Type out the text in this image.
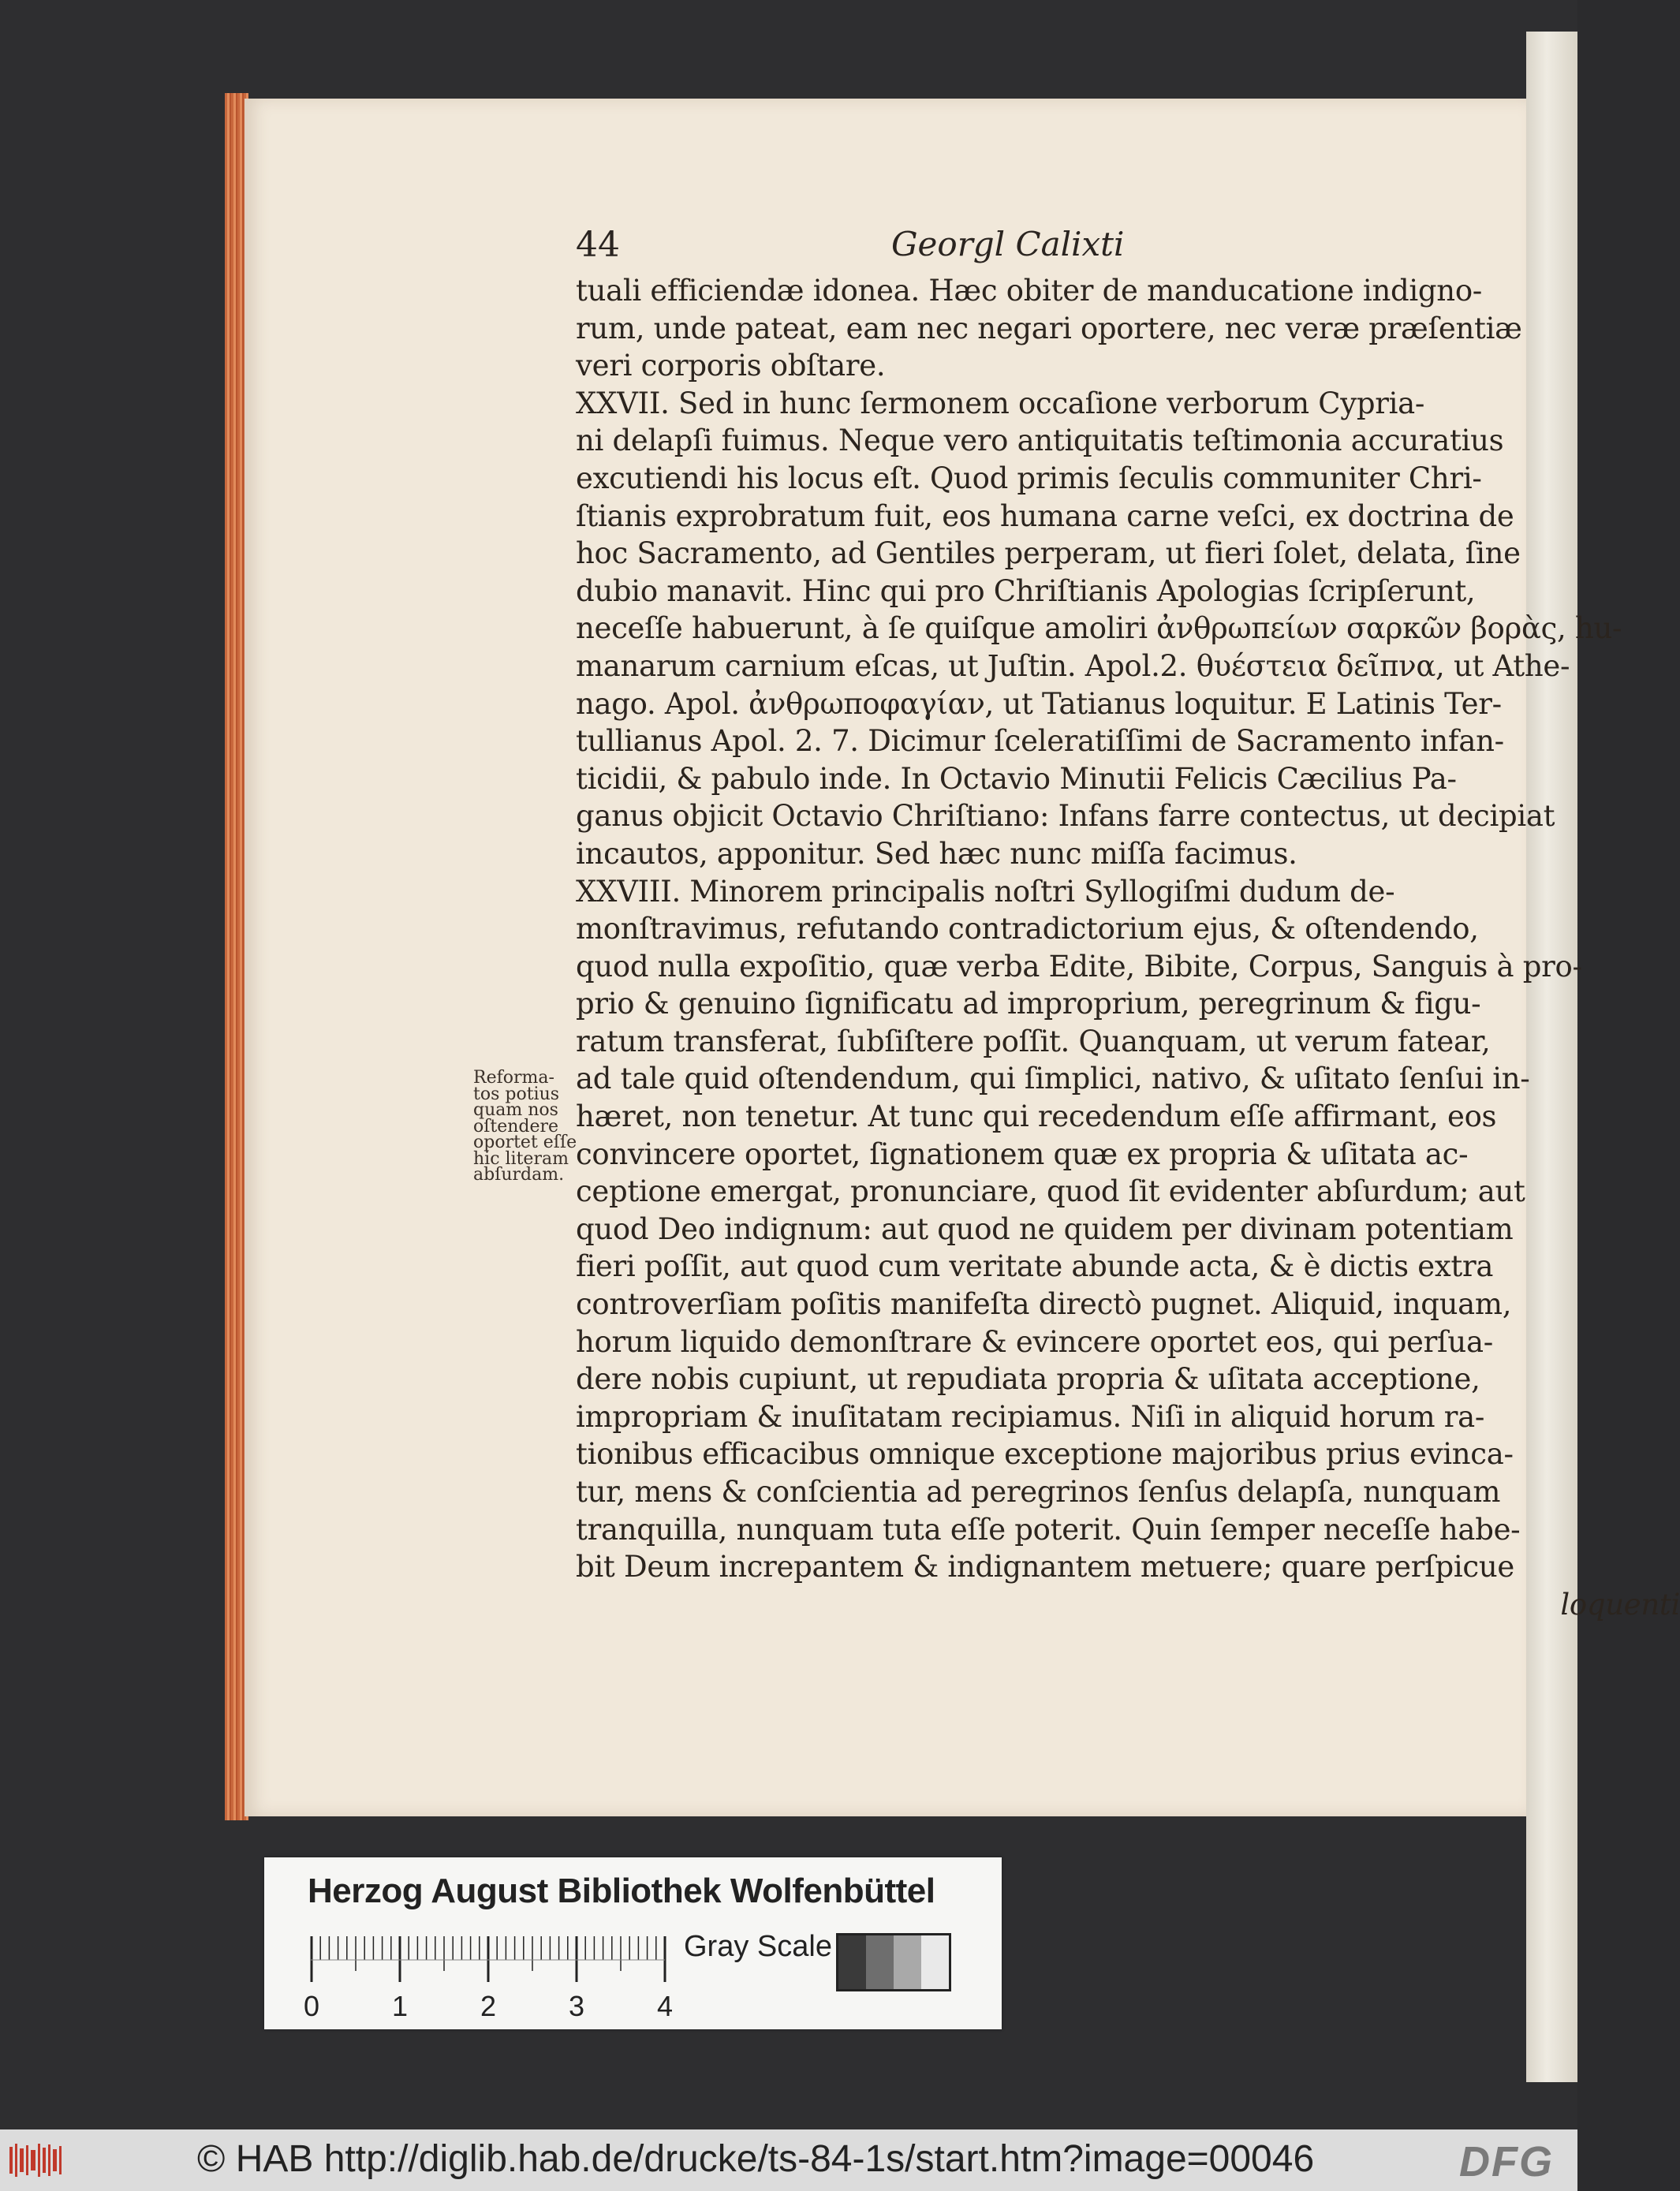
44	Georgl Calixti
tuali efficiendæ idonea. Hæc obiter de manducatione indigno-
rum, unde pateat, eam nec negari oportere, nec veræ præſentiæ
veri corporis obſtare.
XXVII. Sed in hunc ſermonem occaſione verborum Cypria-
ni delapſi fuimus. Neque vero antiquitatis teſtimonia accuratius
excutiendi his locus eſt. Quod primis ſeculis communiter Chri-
ſtianis exprobratum fuit, eos humana carne veſci, ex doctrina de
hoc Sacramento, ad Gentiles perperam, ut fieri ſolet, delata, ſine
dubio manavit. Hinc qui pro Chriſtianis Apologias ſcripſerunt,
neceſſe habuerunt, à ſe quiſque amoliri ἀνθρωπείων σαρκῶν βορὰς, hu-
manarum carnium eſcas, ut Juſtin. Apol.2. θυέστεια δεῖπνα, ut Athe-
nago. Apol. ἀνθρωποφαγίαν, ut Tatianus loquitur. E Latinis Ter-
tullianus Apol. 2. 7. Dicimur ſceleratiſſimi de Sacramento infan-
ticidii, & pabulo inde. In Octavio Minutii Felicis Cæcilius Pa-
ganus objicit Octavio Chriſtiano: Infans farre contectus, ut decipiat
incautos, apponitur. Sed hæc nunc miſſa facimus.
XXVIII. Minorem principalis noſtri Syllogiſmi dudum de-
monſtravimus, refutando contradictorium ejus, & oſtendendo,
quod nulla expoſitio, quæ verba Edite, Bibite, Corpus, Sanguis à pro-
prio & genuino ſignificatu ad improprium, peregrinum & figu-
ratum transferat, ſubſiſtere poſſit. Quanquam, ut verum fatear,
ad tale quid oſtendendum, qui ſimplici, nativo, & uſitato ſenſui in-
hæret, non tenetur. At tunc qui recedendum eſſe affirmant, eos
convincere oportet, ſignationem quæ ex propria & uſitata ac-
ceptione emergat, pronunciare, quod ſit evidenter abſurdum; aut
quod Deo indignum: aut quod ne quidem per divinam potentiam
fieri poſſit, aut quod cum veritate abunde acta, & è dictis extra
controverſiam poſitis manifeſta directò pugnet. Aliquid, inquam,
horum liquido demonſtrare & evincere oportet eos, qui perſua-
dere nobis cupiunt, ut repudiata propria & uſitata acceptione,
impropriam & inuſitatam recipiamus. Niſi in aliquid horum ra-
tionibus efficacibus omnique exceptione majoribus prius evinca-
tur, mens & conſcientia ad peregrinos ſenſus delapſa, nunquam
tranquilla, nunquam tuta eſſe poterit. Quin ſemper neceſſe habe-
bit Deum increpantem & indignantem metuere; quare perſpicue
loquenti
Reforma-
tos potius
quam nos
oſtendere
oportet eſſe
hic literam
abſurdam.
Herzog August Bibliothek Wolfenbüttel
0	1	2	3	4
Gray Scale
© HAB http://diglib.hab.de/drucke/ts-84-1s/start.htm?image=00046	DFG
